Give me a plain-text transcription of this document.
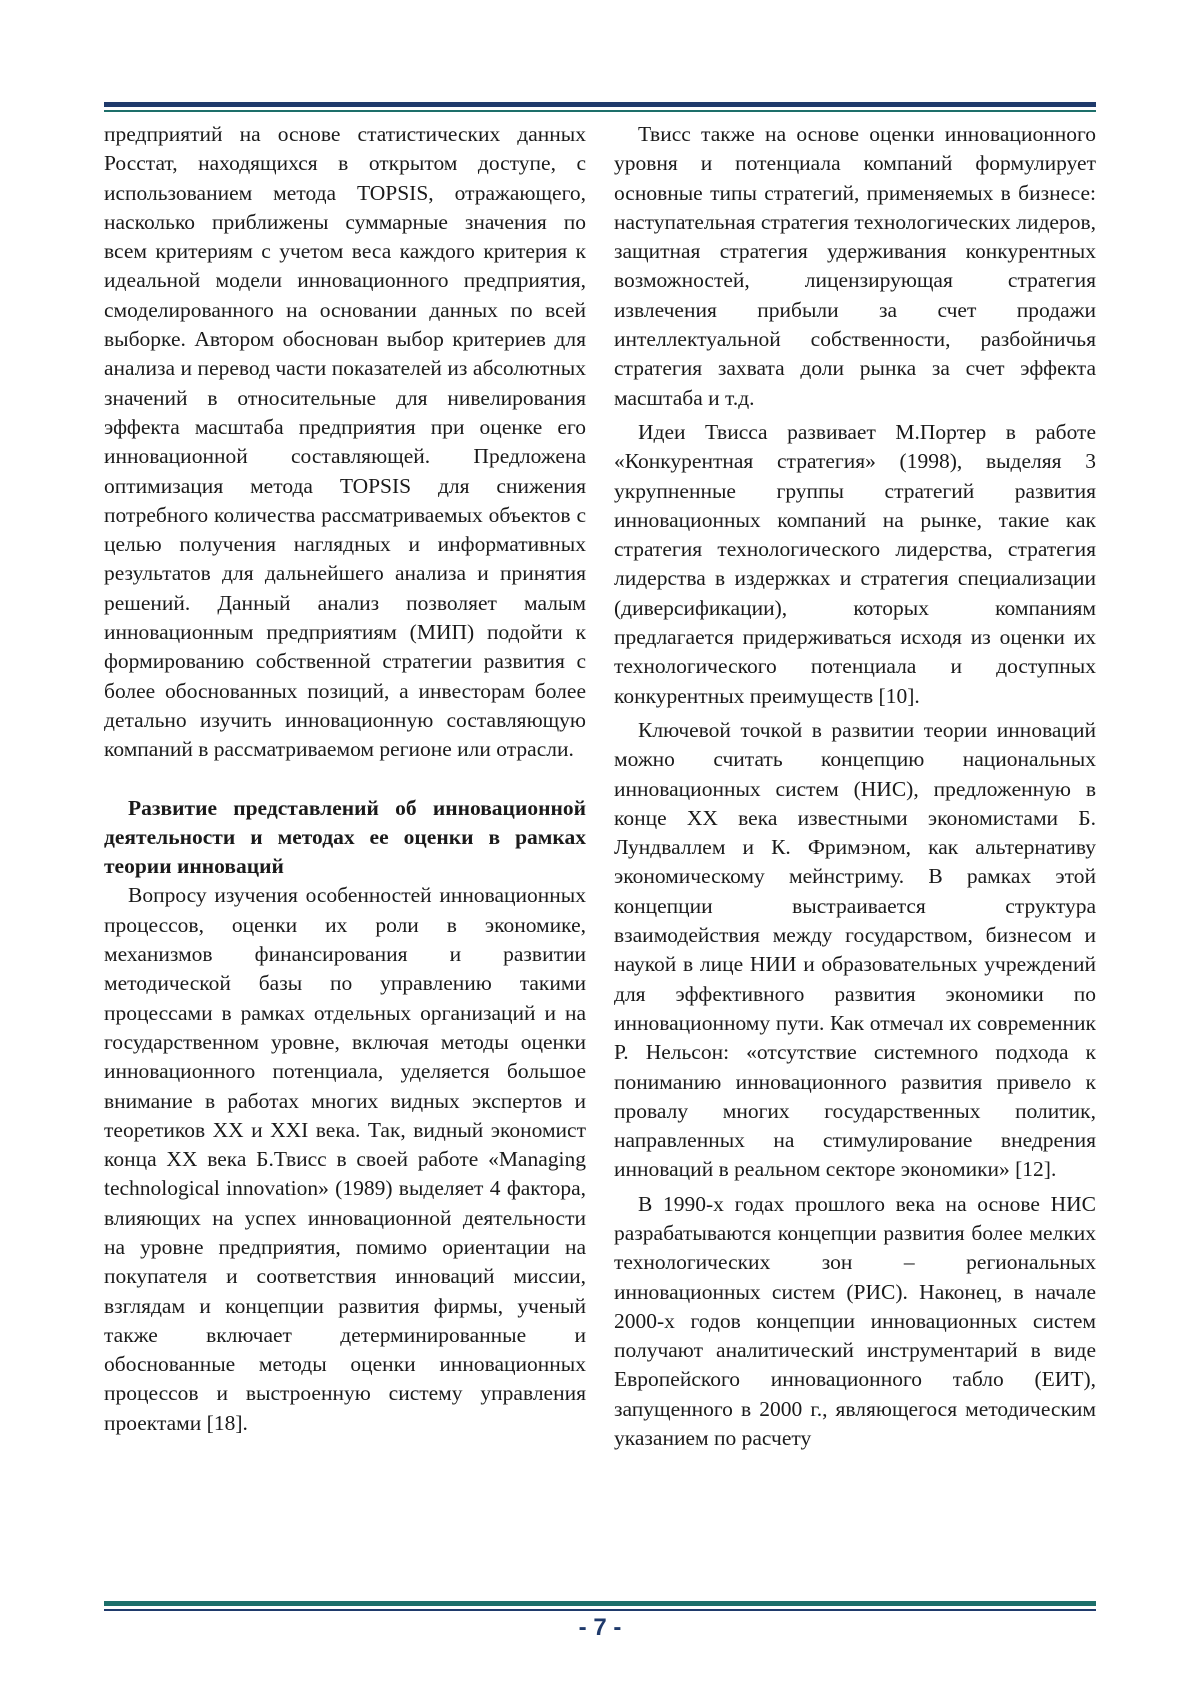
предприятий на основе статистических данных Росстат, находящихся в открытом доступе, с использованием метода TOPSIS, отражающего, насколько приближены суммарные значения по всем критериям с учетом веса каждого критерия к идеальной модели инновационного предприятия, смоделированного на основании данных по всей выборке. Автором обоснован выбор критериев для анализа и перевод части показателей из абсолютных значений в относительные для нивелирования эффекта масштаба предприятия при оценке его инновационной составляющей. Предложена оптимизация метода TOPSIS для снижения потребного количества рассматриваемых объектов с целью получения наглядных и информативных результатов для дальнейшего анализа и принятия решений. Данный анализ позволяет малым инновационным предприятиям (МИП) подойти к формированию собственной стратегии развития с более обоснованных позиций, а инвесторам более детально изучить инновационную составляющую компаний в рассматриваемом регионе или отрасли.

Развитие представлений об инновационной деятельности и методах ее оценки в рамках теории инноваций

Вопросу изучения особенностей инновационных процессов, оценки их роли в экономике, механизмов финансирования и развитии методической базы по управлению такими процессами в рамках отдельных организаций и на государственном уровне, включая методы оценки инновационного потенциала, уделяется большое внимание в работах многих видных экспертов и теоретиков XX и XXI века. Так, видный экономист конца XX века Б.Твисс в своей работе «Managing technological innovation» (1989) выделяет 4 фактора, влияющих на успех инновационной деятельности на уровне предприятия, помимо ориентации на покупателя и соответствия инноваций миссии, взглядам и концепции развития фирмы, ученый также включает детерминированные и обоснованные методы оценки инновационных процессов и выстроенную систему управления проектами [18].

Твисс также на основе оценки инновационного уровня и потенциала компаний формулирует основные типы стратегий, применяемых в бизнесе: наступательная стратегия технологических лидеров, защитная стратегия удерживания конкурентных возможностей, лицензирующая стратегия извлечения прибыли за счет продажи интеллектуальной собственности, разбойничья стратегия захвата доли рынка за счет эффекта масштаба и т.д.

Идеи Твисса развивает М.Портер в работе «Конкурентная стратегия» (1998), выделяя 3 укрупненные группы стратегий развития инновационных компаний на рынке, такие как стратегия технологического лидерства, стратегия лидерства в издержках и стратегия специализации (диверсификации), которых компаниям предлагается придерживаться исходя из оценки их технологического потенциала и доступных конкурентных преимуществ [10].

Ключевой точкой в развитии теории инноваций можно считать концепцию национальных инновационных систем (НИС), предложенную в конце XX века известными экономистами Б. Лундваллем и К. Фримэном, как альтернативу экономическому мейнстриму. В рамках этой концепции выстраивается структура взаимодействия между государством, бизнесом и наукой в лице НИИ и образовательных учреждений для эффективного развития экономики по инновационному пути. Как отмечал их современник Р. Нельсон: «отсутствие системного подхода к пониманию инновационного развития привело к провалу многих государственных политик, направленных на стимулирование внедрения инноваций в реальном секторе экономики» [12].

В 1990-х годах прошлого века на основе НИС разрабатываются концепции развития более мелких технологических зон – региональных инновационных систем (РИС). Наконец, в начале 2000-х годов концепции инновационных систем получают аналитический инструментарий в виде Европейского инновационного табло (ЕИТ), запущенного в 2000 г., являющегося методическим указанием по расчету

- 7 -
